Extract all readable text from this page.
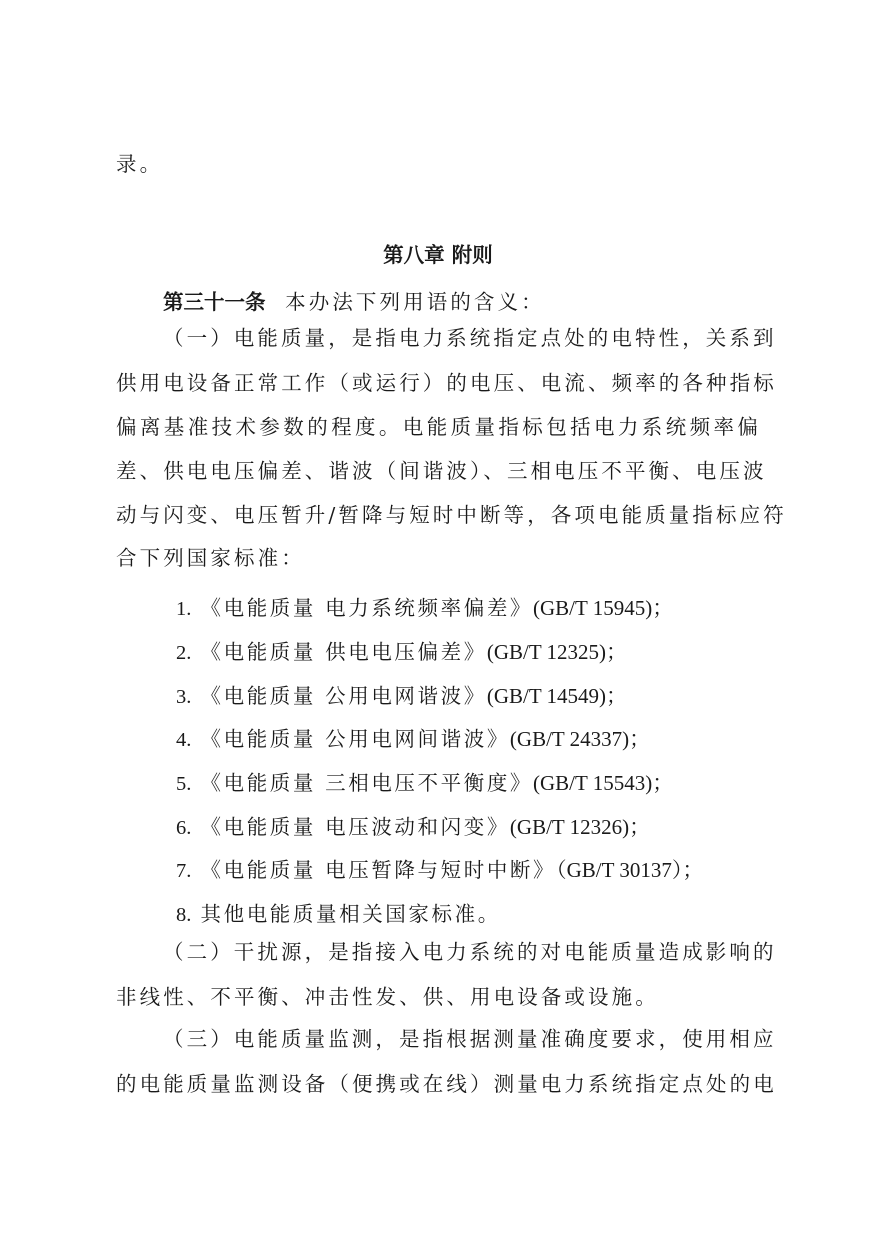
录。
第八章 附则
第三十一条 本办法下列用语的含义：
（一）电能质量，是指电力系统指定点处的电特性，关系到
供用电设备正常工作（或运行）的电压、电流、频率的各种指标
偏离基准技术参数的程度。电能质量指标包括电力系统频率偏
差、供电电压偏差、谐波（间谐波）、三相电压不平衡、电压波
动与闪变、电压暂升/暂降与短时中断等，各项电能质量指标应符
合下列国家标准：
1. 《电能质量 电力系统频率偏差》(GB/T 15945)；
2. 《电能质量 供电电压偏差》(GB/T 12325)；
3. 《电能质量 公用电网谐波》(GB/T 14549)；
4. 《电能质量 公用电网间谐波》(GB/T 24337)；
5. 《电能质量 三相电压不平衡度》(GB/T 15543)；
6. 《电能质量 电压波动和闪变》(GB/T 12326)；
7. 《电能质量 电压暂降与短时中断》（GB/T 30137）；
8. 其他电能质量相关国家标准。
（二）干扰源，是指接入电力系统的对电能质量造成影响的
非线性、不平衡、冲击性发、供、用电设备或设施。
（三）电能质量监测，是指根据测量准确度要求，使用相应
的电能质量监测设备（便携或在线）测量电力系统指定点处的电
